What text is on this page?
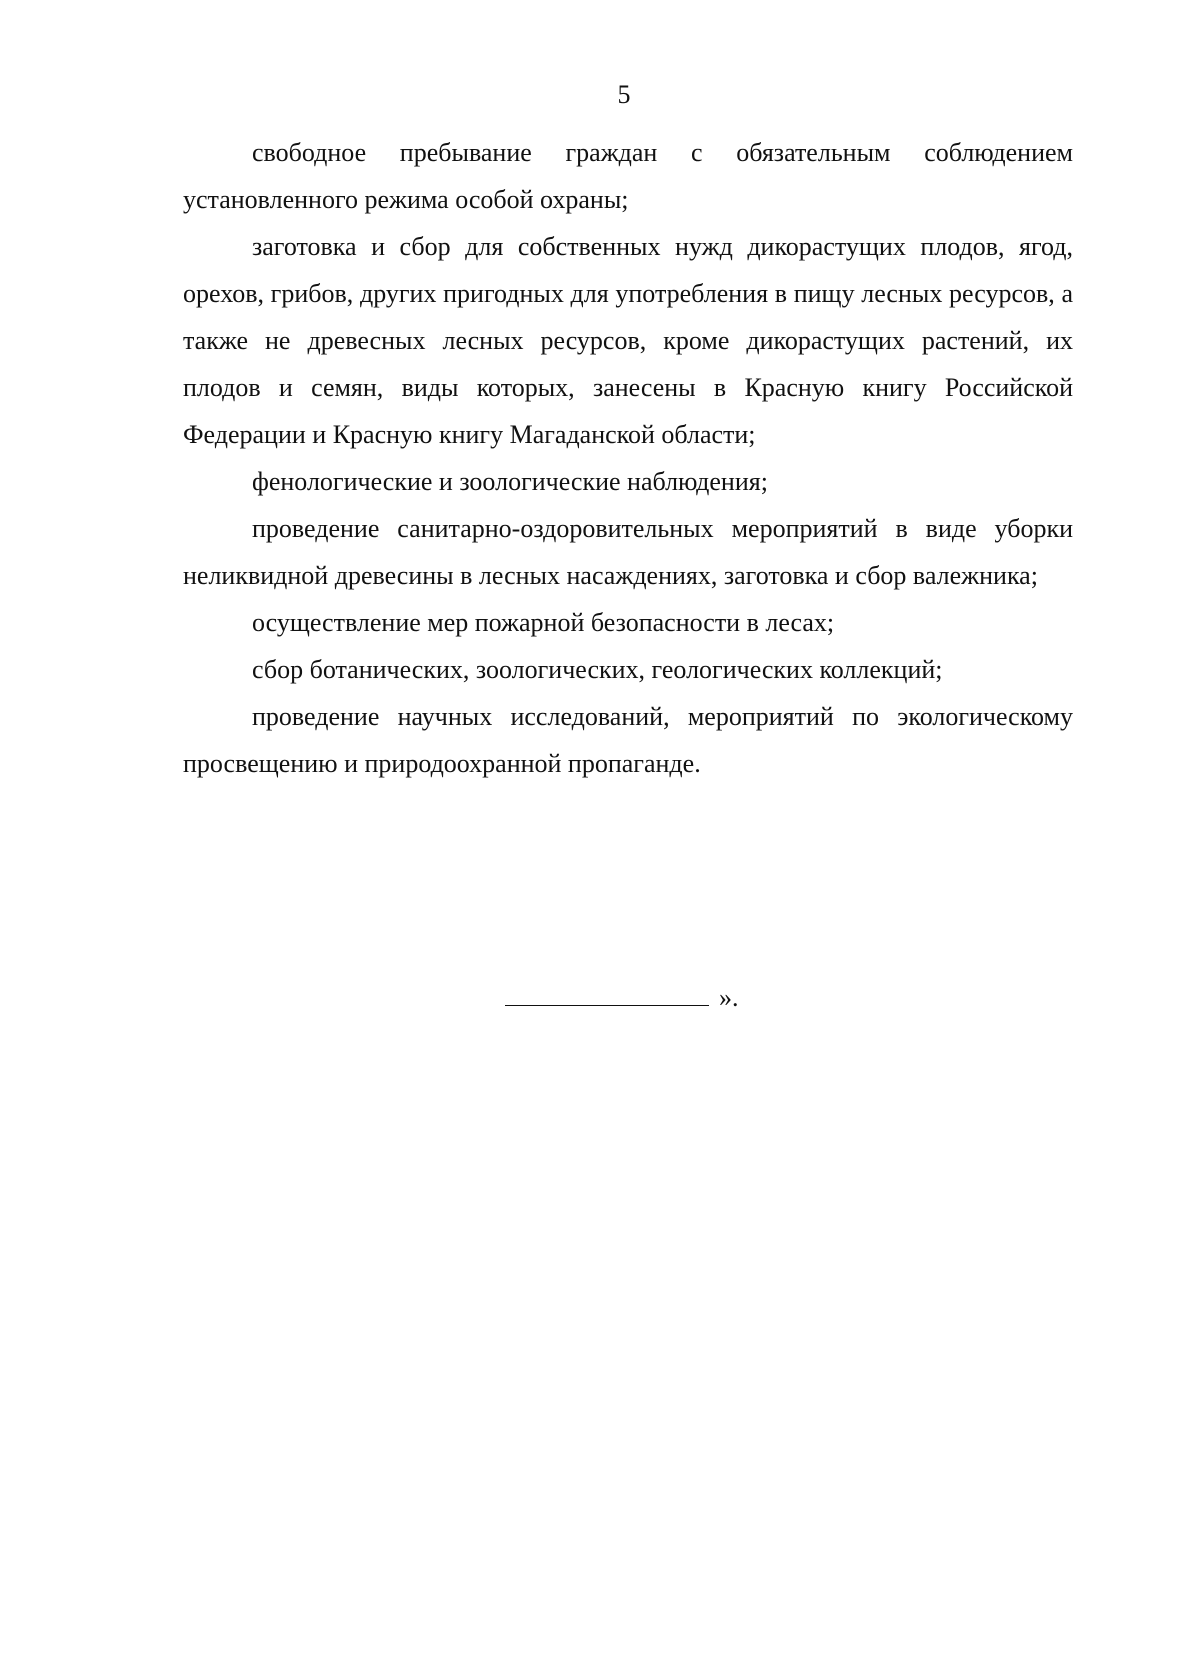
5

свободное пребывание граждан с обязательным соблюдением установленного режима особой охраны;

заготовка и сбор для собственных нужд дикорастущих плодов, ягод, орехов, грибов, других пригодных для употребления в пищу лесных ресурсов, а также не древесных лесных ресурсов, кроме дикорастущих растений, их плодов и семян, виды которых, занесены в Красную книгу Российской Федерации и Красную книгу Магаданской области;

фенологические и зоологические наблюдения;

проведение санитарно-оздоровительных мероприятий в виде уборки неликвидной древесины в лесных насаждениях, заготовка и сбор валежника;

осуществление мер пожарной безопасности в лесах;

сбор ботанических, зоологических, геологических коллекций;

проведение научных исследований, мероприятий по экологическому просвещению и природоохранной пропаганде.

».
